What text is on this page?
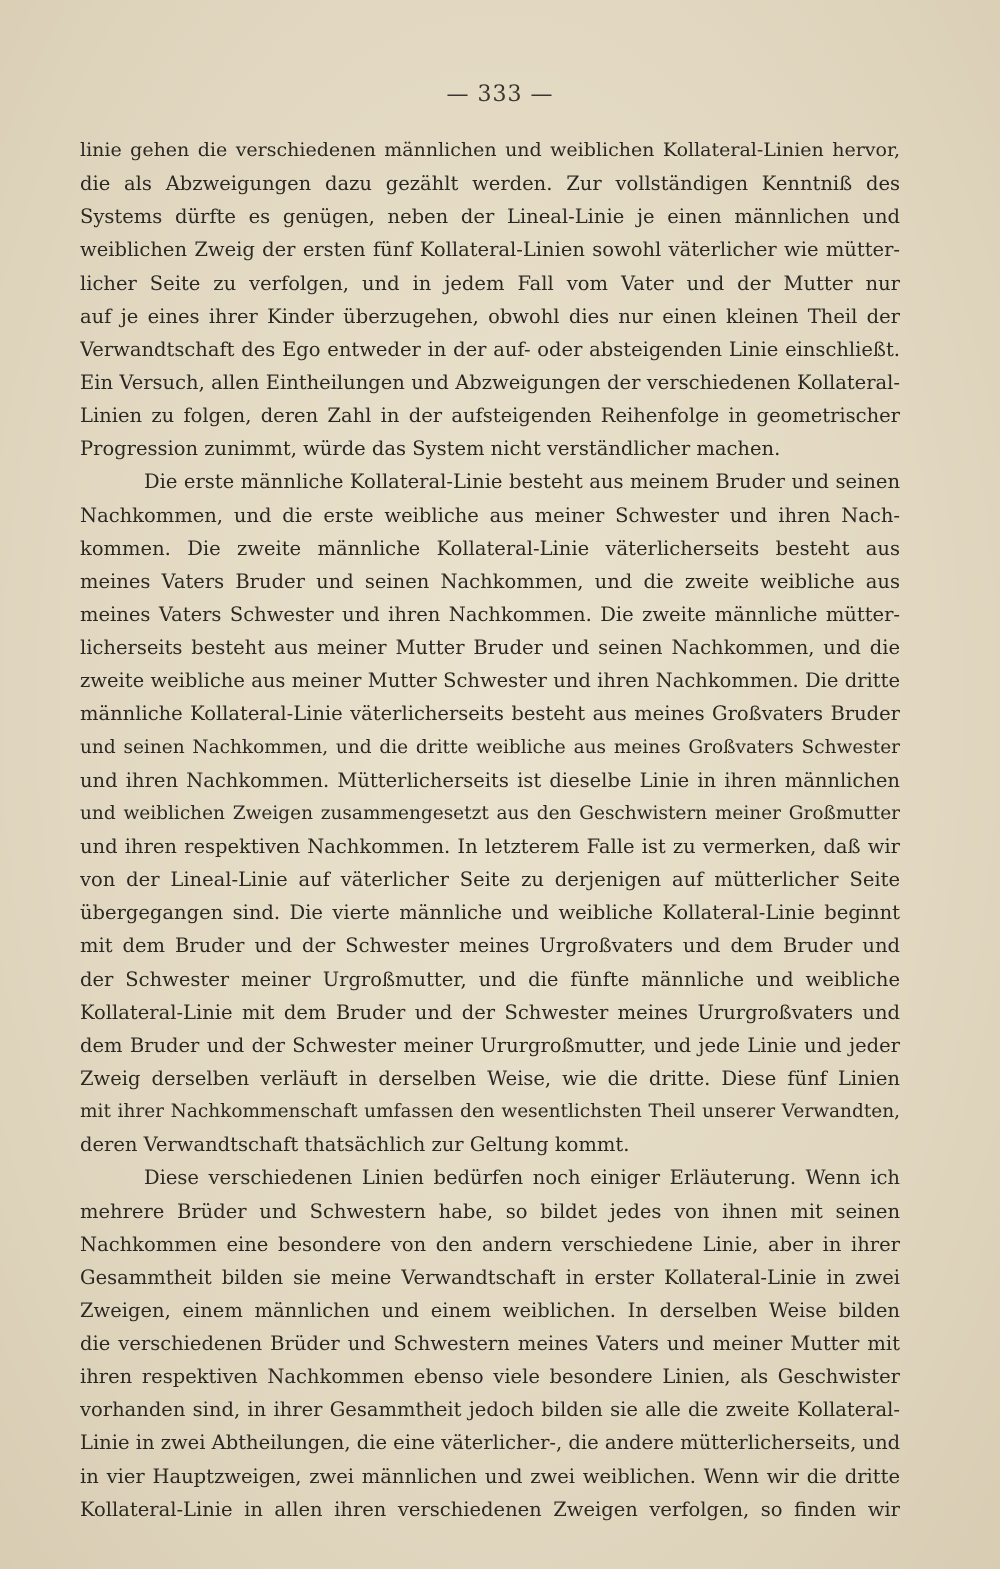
— 333 —
linie gehen die verschiedenen männlichen und weiblichen Kollateral-Linien hervor,
die als Abzweigungen dazu gezählt werden. Zur vollständigen Kenntniß des
Systems dürfte es genügen, neben der Lineal-Linie je einen männlichen und
weiblichen Zweig der ersten fünf Kollateral-Linien sowohl väterlicher wie mütter-
licher Seite zu verfolgen, und in jedem Fall vom Vater und der Mutter nur
auf je eines ihrer Kinder überzugehen, obwohl dies nur einen kleinen Theil der
Verwandtschaft des Ego entweder in der auf- oder absteigenden Linie einschließt.
Ein Versuch, allen Eintheilungen und Abzweigungen der verschiedenen Kollateral-
Linien zu folgen, deren Zahl in der aufsteigenden Reihenfolge in geometrischer
Progression zunimmt, würde das System nicht verständlicher machen.
Die erste männliche Kollateral-Linie besteht aus meinem Bruder und seinen
Nachkommen, und die erste weibliche aus meiner Schwester und ihren Nach-
kommen. Die zweite männliche Kollateral-Linie väterlicherseits besteht aus
meines Vaters Bruder und seinen Nachkommen, und die zweite weibliche aus
meines Vaters Schwester und ihren Nachkommen. Die zweite männliche mütter-
licherseits besteht aus meiner Mutter Bruder und seinen Nachkommen, und die
zweite weibliche aus meiner Mutter Schwester und ihren Nachkommen. Die dritte
männliche Kollateral-Linie väterlicherseits besteht aus meines Großvaters Bruder
und seinen Nachkommen, und die dritte weibliche aus meines Großvaters Schwester
und ihren Nachkommen. Mütterlicherseits ist dieselbe Linie in ihren männlichen
und weiblichen Zweigen zusammengesetzt aus den Geschwistern meiner Großmutter
und ihren respektiven Nachkommen. In letzterem Falle ist zu vermerken, daß wir
von der Lineal-Linie auf väterlicher Seite zu derjenigen auf mütterlicher Seite
übergegangen sind. Die vierte männliche und weibliche Kollateral-Linie beginnt
mit dem Bruder und der Schwester meines Urgroßvaters und dem Bruder und
der Schwester meiner Urgroßmutter, und die fünfte männliche und weibliche
Kollateral-Linie mit dem Bruder und der Schwester meines Ururgroßvaters und
dem Bruder und der Schwester meiner Ururgroßmutter, und jede Linie und jeder
Zweig derselben verläuft in derselben Weise, wie die dritte. Diese fünf Linien
mit ihrer Nachkommenschaft umfassen den wesentlichsten Theil unserer Verwandten,
deren Verwandtschaft thatsächlich zur Geltung kommt.
Diese verschiedenen Linien bedürfen noch einiger Erläuterung. Wenn ich
mehrere Brüder und Schwestern habe, so bildet jedes von ihnen mit seinen
Nachkommen eine besondere von den andern verschiedene Linie, aber in ihrer
Gesammtheit bilden sie meine Verwandtschaft in erster Kollateral-Linie in zwei
Zweigen, einem männlichen und einem weiblichen. In derselben Weise bilden
die verschiedenen Brüder und Schwestern meines Vaters und meiner Mutter mit
ihren respektiven Nachkommen ebenso viele besondere Linien, als Geschwister
vorhanden sind, in ihrer Gesammtheit jedoch bilden sie alle die zweite Kollateral-
Linie in zwei Abtheilungen, die eine väterlicher-, die andere mütterlicherseits, und
in vier Hauptzweigen, zwei männlichen und zwei weiblichen. Wenn wir die dritte
Kollateral-Linie in allen ihren verschiedenen Zweigen verfolgen, so finden wir
